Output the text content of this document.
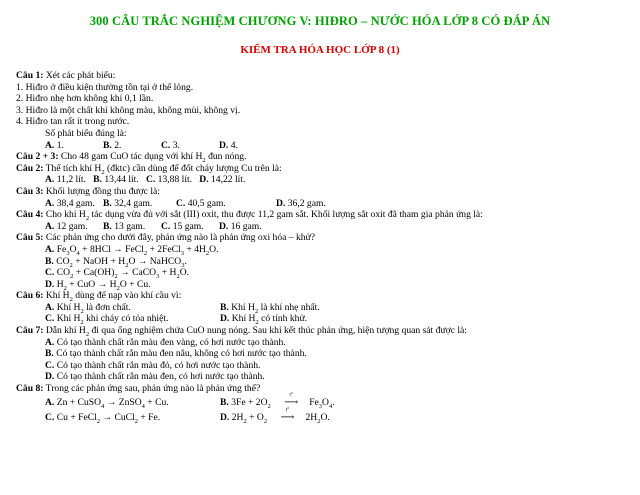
300 CÂU TRẮC NGHIỆM CHƯƠNG V: HIĐRO – NƯỚC HÓA LỚP 8 CÓ ĐÁP ÁN
KIỂM TRA HÓA HỌC LỚP 8 (1)
Câu 1: Xét các phát biểu:
1. Hiđro ở điều kiện thường tồn tại ở thể lỏng.
2. Hiđro nhẹ hơn không khí 0,1 lần.
3. Hiđro là một chất khí không màu, không mùi, không vị.
4. Hiđro tan rất ít trong nước.
Số phát biểu đúng là:
A. 1.	B. 2.	C. 3.	D. 4.
Câu 2 + 3: Cho 48 gam CuO tác dụng với khí $H_2$ đun nóng.
Câu 2: Thể tích khí $H_2$ (đktc) cần dùng để đốt cháy lượng Cu trên là:
A. 11,2 lít. B. 13,44 lít. C. 13,88 lít. D. 14,22 lít.
Câu 3: Khối lượng đồng thu được là:
A. 38,4 gam. B. 32,4 gam. C. 40,5 gam.	D. 36,2 gam.
Câu 4: Cho khí $H_2$ tác dụng vừa đủ với sắt (III) oxit, thu được 11,2 gam sắt. Khối lượng sắt oxit đã tham gia phản ứng là:
A. 12 gam. B. 13 gam. C. 15 gam. D. 16 gam.
Câu 5: Các phản ứng cho dưới đây, phản ứng nào là phản ứng oxi hóa – khử?
A. $Fe_3O_4 + 8HCl$ → FeCl$_2$ + 2FeCl$_3$ + $4H_2O$.
B. $CO_2$ + NaOH + $H_2O$ → NaHCO$_3$.
C. $CO_2 + Ca(OH)_2$ → CaCO$_3$ + $H_2O$.
D. $H_2$ + CuO → $H_2O + Cu$.
Câu 6: Khí $H_2$ dùng để nạp vào khí cầu vì:
A. Khí $H_2$ là đơn chất.	B. Khí $H_2$ là khí nhẹ nhất.
C. Khí $H_2$ khi cháy có tỏa nhiệt.	D. Khí $H_2$ có tính khử.
Câu 7: Dẫn khí $H_2$ đi qua ống nghiệm chứa CuO nung nóng. Sau khi kết thúc phản ứng, hiện tượng quan sát được là:
A. Có tạo thành chất rắn màu đen vàng, có hơi nước tạo thành.
B. Có tạo thành chất rắn màu đen nâu, không có hơi nước tạo thành.
C. Có tạo thành chất rắn màu đỏ, có hơi nước tạo thành.
D. Có tạo thành chất rắn màu đen, có hơi nước tạo thành.
Câu 8: Trong các phản ứng sau, phản ứng nào là phản ứng thế?
A. Zn + CuSO$_4$ → ZnSO$_4$ + Cu.	B. $3Fe + 2O_2$
t°
⟶ $Fe_3O_4$.
C. Cu + FeCl$_2$ → CuCl$_2$ + Fe.	D. $2H_2 + O_2$
t°
⟶ $2H_2O$.
